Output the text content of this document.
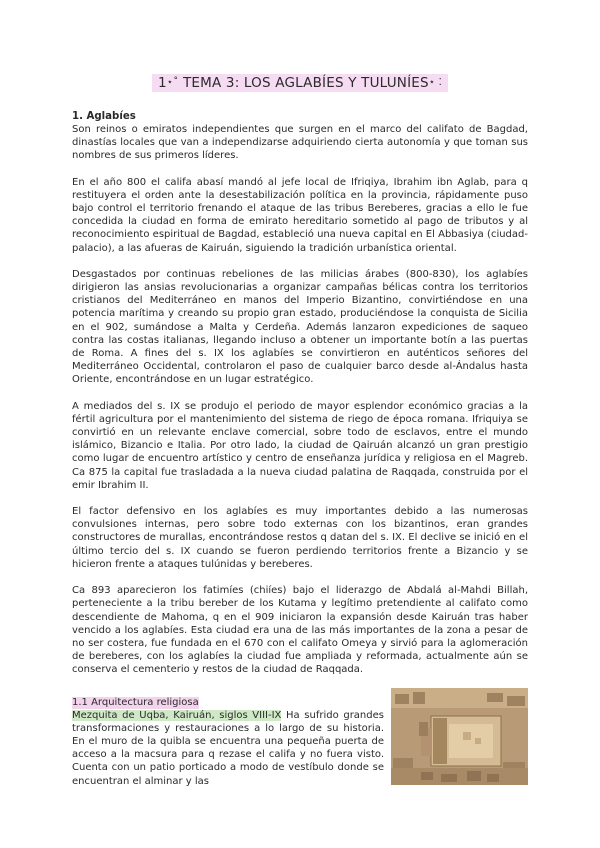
1⋆˚ TEMA 3: LOS AGLABÍES Y TULUNÍES⋆ ⁚
1. Aglabíes

Son reinos o emiratos independientes que surgen en el marco del califato de Bagdad, dinastías locales que van a independizarse adquiriendo cierta autonomía y que toman sus nombres de sus primeros líderes.

En el año 800 el califa abasí mandó al jefe local de Ifriqiya, Ibrahim ibn Aglab, para q restituyera el orden ante la desestabilización política en la provincia, rápidamente puso bajo control el territorio frenando el ataque de las tribus Bereberes, gracias a ello le fue concedida la ciudad en forma de emirato hereditario sometido al pago de tributos y al reconocimiento espiritual de Bagdad, estableció una nueva capital en El Abbasiya (ciudad-palacio), a las afueras de Kairuán, siguiendo la tradición urbanística oriental.

Desgastados por continuas rebeliones de las milicias árabes (800-830), los aglabíes dirigieron las ansias revolucionarias a organizar campañas bélicas contra los territorios cristianos del Mediterráneo en manos del Imperio Bizantino, convirtiéndose en una potencia marítima y creando su propio gran estado, produciéndose la conquista de Sicilia en el 902, sumándose a Malta y Cerdeña. Además lanzaron expediciones de saqueo contra las costas italianas, llegando incluso a obtener un importante botín a las puertas de Roma. A fines del s. IX los aglabíes se convirtieron en auténticos señores del Mediterráneo Occidental, controlaron el paso de cualquier barco desde al-Ándalus hasta Oriente, encontrándose en un lugar estratégico.

A mediados del s. IX se produjo el periodo de mayor esplendor económico gracias a la fértil agricultura por el mantenimiento del sistema de riego de época romana. Ifriquiya se convirtió en un relevante enclave comercial, sobre todo de esclavos, entre el mundo islámico, Bizancio e Italia. Por otro lado, la ciudad de Qairuán alcanzó un gran prestigio como lugar de encuentro artístico y centro de enseñanza jurídica y religiosa en el Magreb. Ca 875 la capital fue trasladada a la nueva ciudad palatina de Raqqada, construida por el emir Ibrahim II.

El factor defensivo en los aglabíes es muy importantes debido a las numerosas convulsiones internas, pero sobre todo externas con los bizantinos, eran grandes constructores de murallas, encontrándose restos q datan del s. IX. El declive se inició en el último tercio del s. IX cuando se fueron perdiendo territorios frente a Bizancio y se hicieron frente a ataques tulúnidas y bereberes.

Ca 893 aparecieron los fatimíes (chiíes) bajo el liderazgo de Abdalá al-Mahdi Billah, perteneciente a la tribu bereber de los Kutama y legítimo pretendiente al califato como descendiente de Mahoma, q en el 909 iniciaron la expansión desde Kairuán tras haber vencido a los aglabíes. Esta ciudad era una de las más importantes de la zona a pesar de no ser costera, fue fundada en el 670 con el califato Omeya y sirvió para la aglomeración de bereberes, con los aglabíes la ciudad fue ampliada y reformada, actualmente aún se conserva el cementerio y restos de la ciudad de Raqqada.

1.1 Arquitectura religiosa

Mezquita de Uqba, Kairuán, siglos VIII-IX Ha sufrido grandes transformaciones y restauraciones a lo largo de su historia. En el muro de la quibla se encuentra una pequeña puerta de acceso a la macsura para q rezase el califa y no fuera visto. Cuenta con un patio porticado a modo de vestíbulo donde se encuentran el alminar y las
